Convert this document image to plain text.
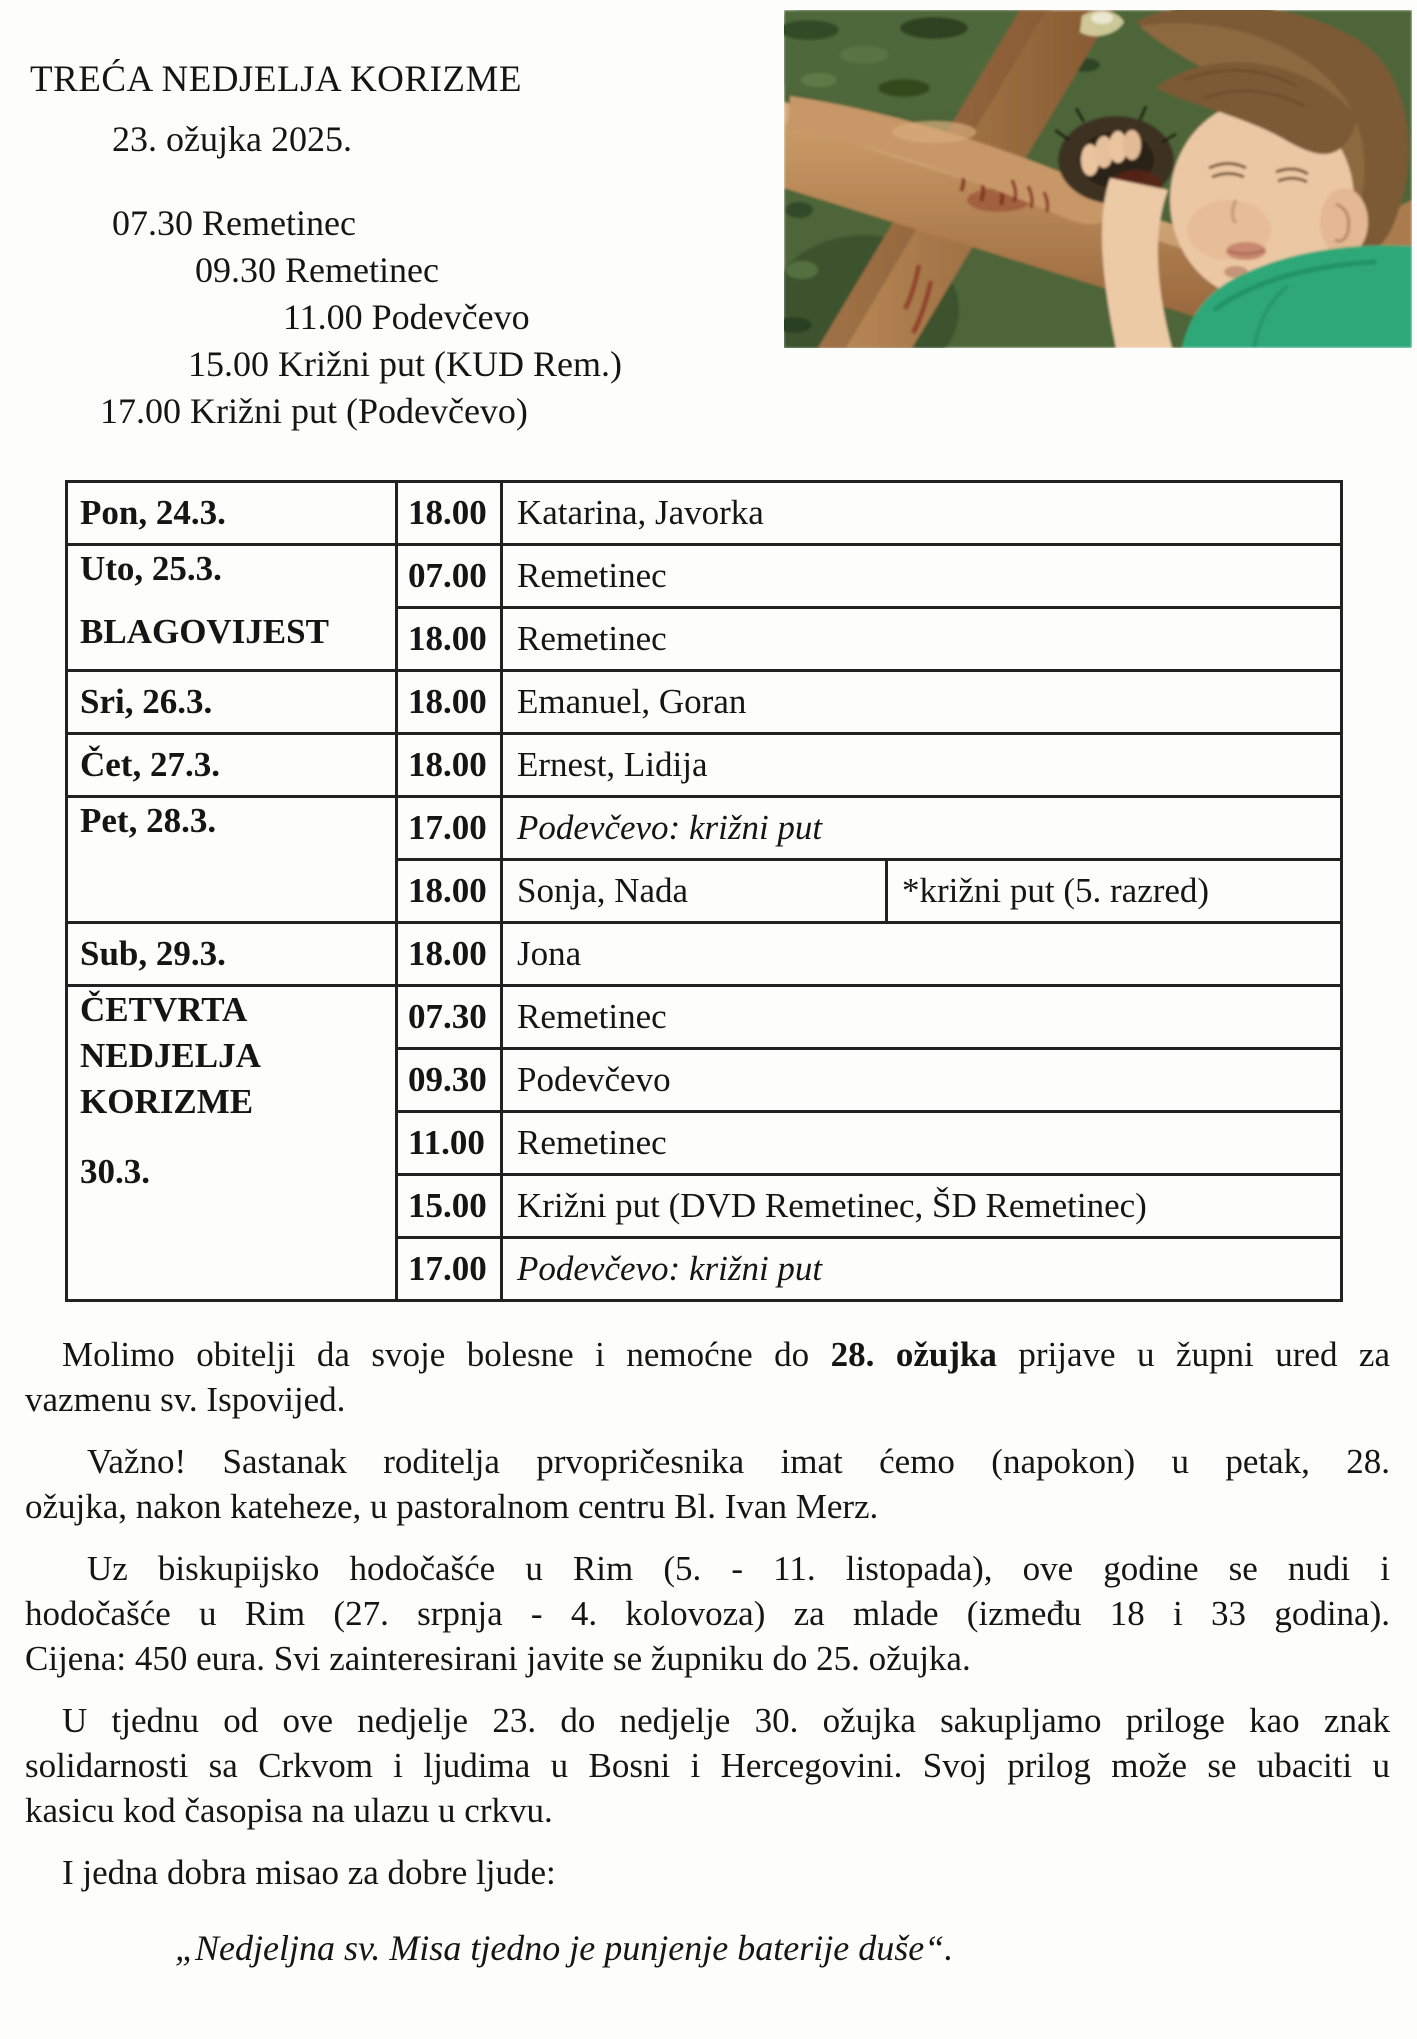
TREĆA NEDJELJA KORIZME
23. ožujka 2025.
07.30 Remetinec
09.30 Remetinec
11.00 Podevčevo
15.00 Križni put (KUD Rem.)
17.00 Križni put (Podevčevo)
Pon, 24.3.	18.00	Katarina, Javorka	

Uto, 25.3.
BLAGOVIJEST	07.00	Remetinec	
	18.00	Remetinec	
Sri, 26.3.	18.00	Emanuel, Goran	
Čet, 27.3.	18.00	Ernest, Lidija	
Pet, 28.3.	17.00	Podevčevo: križni put	
	18.00	Sonja, Nada	*križni put (5. razred)
Sub, 29.3.	18.00	Jona	

ČETVRTA NEDJELJA KORIZME
30.3.	07.30	Remetinec	
	09.30	Podevčevo	
	11.00	Remetinec	
	15.00	Križni put (DVD Remetinec, ŠD Remetinec)	
	17.00	Podevčevo: križni put	
Molimo obitelji da svoje bolesne i nemoćne do 28. ožujka prijave u župni ured za
vazmenu sv. Ispovijed.
Važno! Sastanak roditelja prvopričesnika imat ćemo (napokon) u petak, 28.
ožujka, nakon kateheze, u pastoralnom centru Bl. Ivan Merz.
Uz biskupijsko hodočašće u Rim (5. - 11. listopada), ove godine se nudi i
hodočašće u Rim (27. srpnja - 4. kolovoza) za mlade (između 18 i 33 godina).
Cijena: 450 eura. Svi zainteresirani javite se župniku do 25. ožujka.
U tjednu od ove nedjelje 23. do nedjelje 30. ožujka sakupljamo priloge kao znak
solidarnosti sa Crkvom i ljudima u Bosni i Hercegovini. Svoj prilog može se ubaciti u
kasicu kod časopisa na ulazu u crkvu.
I jedna dobra misao za dobre ljude:
„Nedjeljna sv. Misa tjedno je punjenje baterije duše“.
